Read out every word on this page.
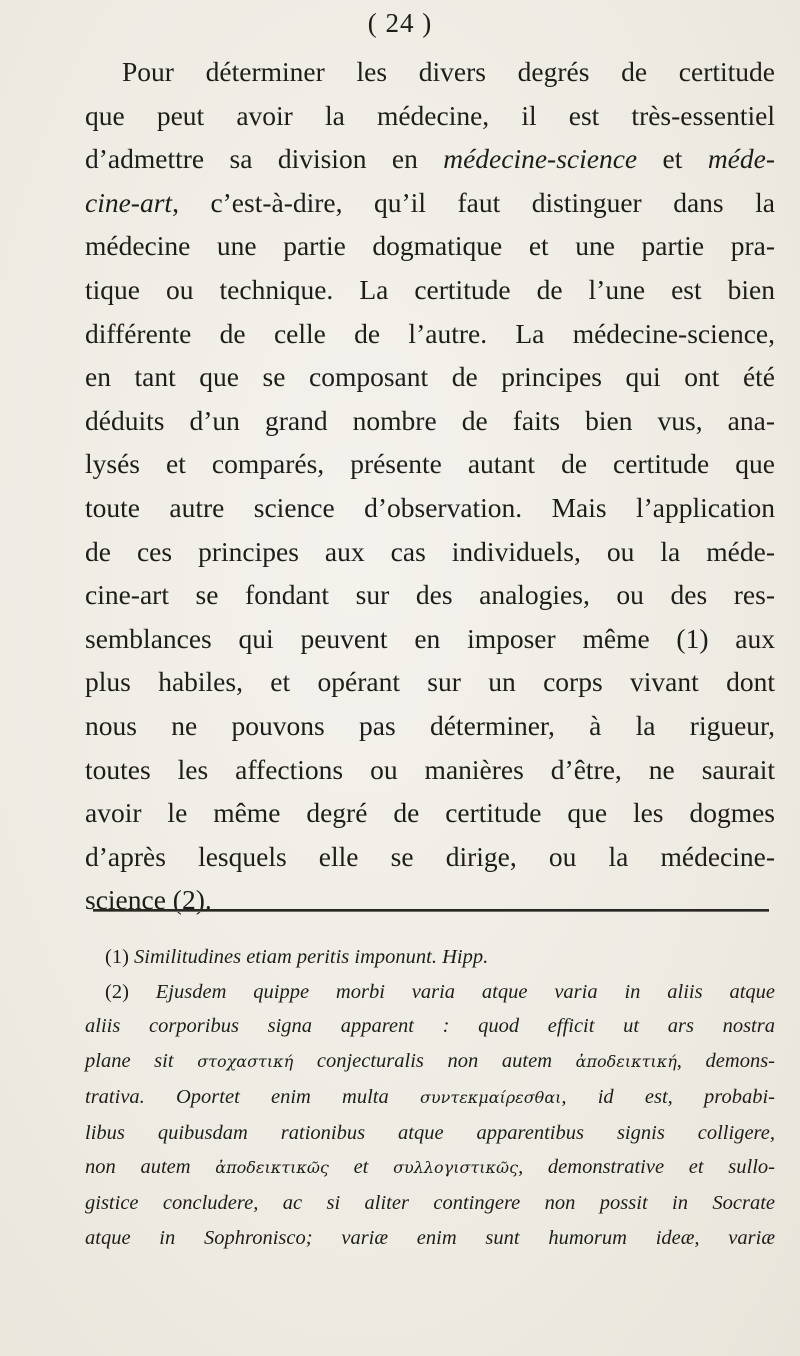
( 24 )
Pour déterminer les divers degrés de certitude
que peut avoir la médecine, il est très-essentiel
d’admettre sa division en médecine-science et méde-
cine-art, c’est-à-dire, qu’il faut distinguer dans la
médecine une partie dogmatique et une partie pra-
tique ou technique. La certitude de l’une est bien
différente de celle de l’autre. La médecine-science,
en tant que se composant de principes qui ont été
déduits d’un grand nombre de faits bien vus, ana-
lysés et comparés, présente autant de certitude que
toute autre science d’observation. Mais l’application
de ces principes aux cas individuels, ou la méde-
cine-art se fondant sur des analogies, ou des res-
semblances qui peuvent en imposer même (1) aux
plus habiles, et opérant sur un corps vivant dont
nous ne pouvons pas déterminer, à la rigueur,
toutes les affections ou manières d’être, ne saurait
avoir le même degré de certitude que les dogmes
d’après lesquels elle se dirige, ou la médecine-
science (2).
(1) Similitudines etiam peritis imponunt. Hipp.
(2) Ejusdem quippe morbi varia atque varia in aliis atque
aliis corporibus signa apparent : quod efficit ut ars nostra
plane sit στοχαστική conjecturalis non autem ἀποδεικτική, demons-
trativa. Oportet enim multa συντεκμαίρεσθαι, id est, probabi-
libus quibusdam rationibus atque apparentibus signis colligere,
non autem ἀποδεικτικῶς et συλλογιστικῶς, demonstrative et sullo-
gistice concludere, ac si aliter contingere non possit in Socrate
atque in Sophronisco; variæ enim sunt humorum ideæ, variæ
